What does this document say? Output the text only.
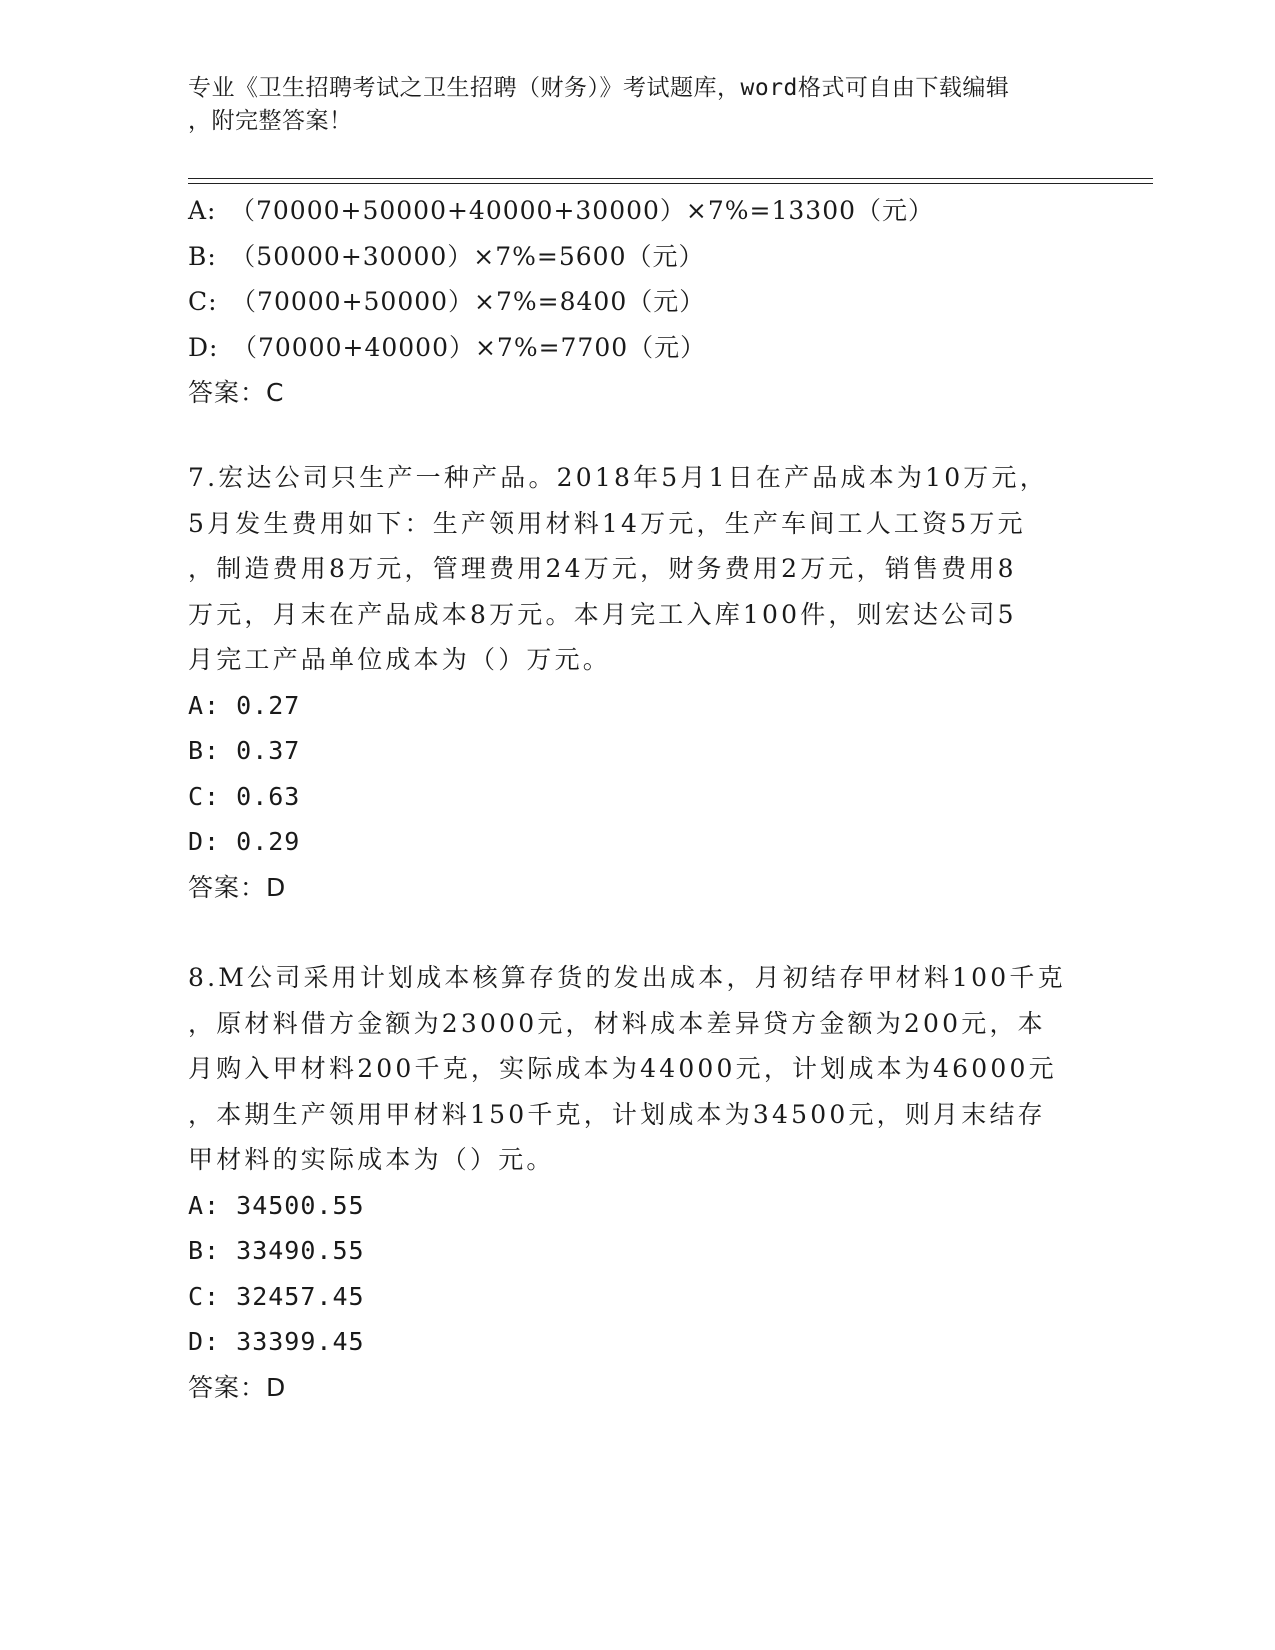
专业《卫生招聘考试之卫生招聘（财务）》考试题库，word格式可自由下载编辑
，附完整答案！
A:　（70000+50000+40000+30000）×7%=13300（元）
B:　（50000+30000）×7%=5600（元）
C:　（70000+50000）×7%=8400（元）
D:　（70000+40000）×7%=7700（元）
答案：C
7.宏达公司只生产一种产品。2018年5月1日在产品成本为10万元，
5月发生费用如下：生产领用材料14万元，生产车间工人工资5万元
，制造费用8万元，管理费用24万元，财务费用2万元，销售费用8
万元，月末在产品成本8万元。本月完工入库100件，则宏达公司5
月完工产品单位成本为（）万元。
A: 0.27
B: 0.37
C: 0.63
D: 0.29
答案：D
8.M公司采用计划成本核算存货的发出成本，月初结存甲材料100千克
，原材料借方金额为23000元，材料成本差异贷方金额为200元，本
月购入甲材料200千克，实际成本为44000元，计划成本为46000元
，本期生产领用甲材料150千克，计划成本为34500元，则月末结存
甲材料的实际成本为（）元。
A: 34500.55
B: 33490.55
C: 32457.45
D: 33399.45
答案：D
